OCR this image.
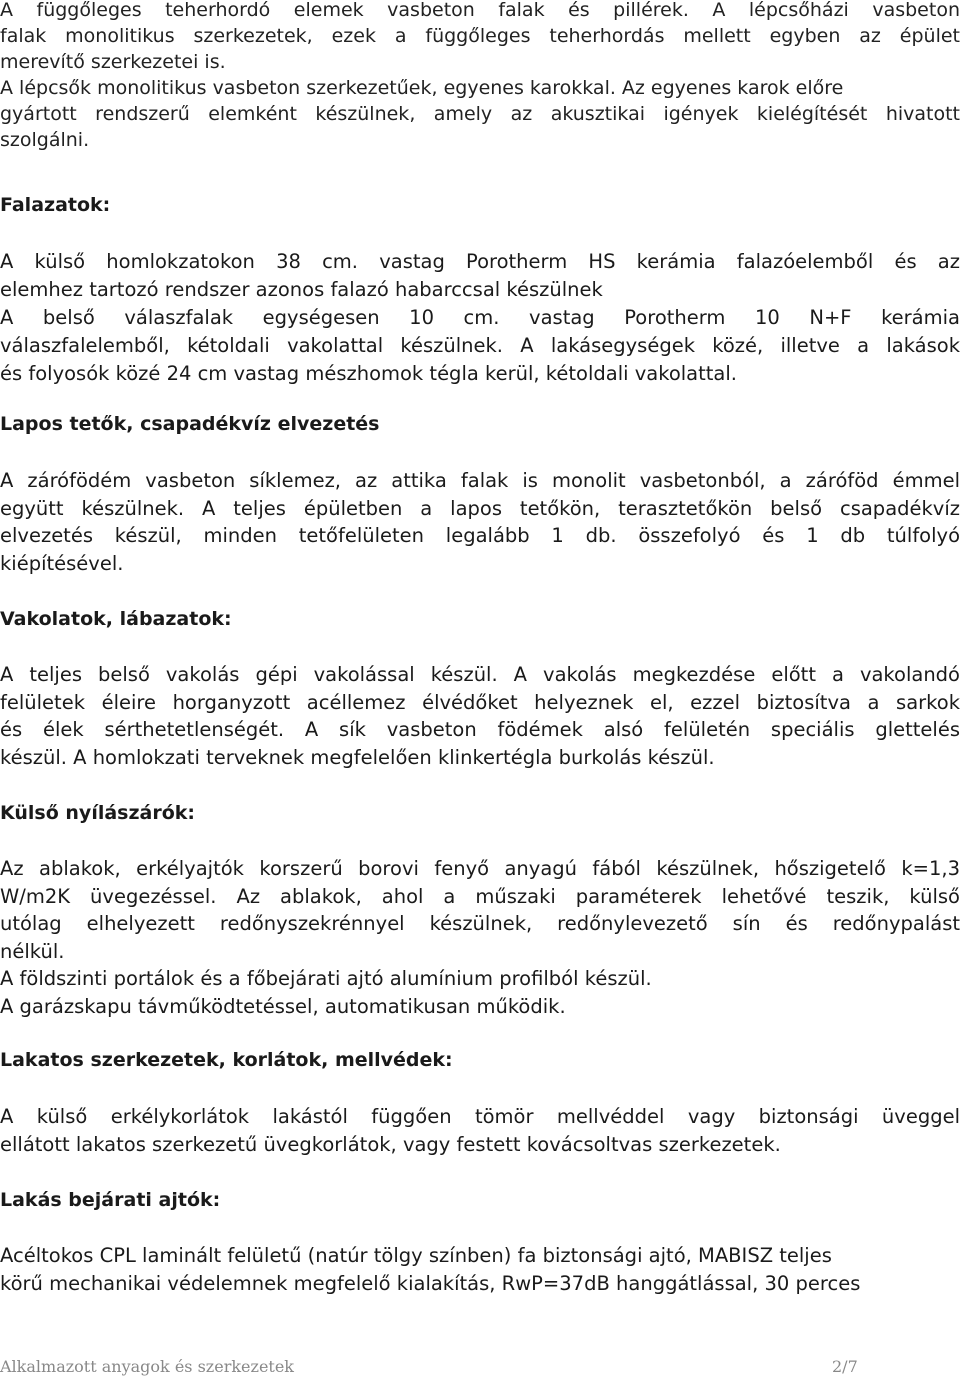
A függőleges teherhordó elemek vasbeton falak és pillérek. A lépcsőházi vasbeton
falak monolitikus szerkezetek, ezek a függőleges teherhordás mellett egyben az épület
merevítő szerkezetei is.
A lépcsők monolitikus vasbeton szerkezetűek, egyenes karokkal. Az egyenes karok előre
gyártott rendszerű elemként készülnek, amely az akusztikai igények kielégítését hivatott
szolgálni.
Falazatok:
A külső homlokzatokon 38 cm. vastag Porotherm HS kerámia falazóelemből és az
elemhez tartozó rendszer azonos falazó habarccsal készülnek
A belső válaszfalak egységesen 10 cm. vastag Porotherm 10 N+F kerámia
válaszfalelemből, kétoldali vakolattal készülnek. A lakásegységek közé, illetve a lakások
és folyosók közé 24 cm vastag mészhomok tégla kerül, kétoldali vakolattal.
Lapos tetők, csapadékvíz elvezetés
A zárófödém vasbeton síklemez, az attika falak is monolit vasbetonból, a záróföd émmel
együtt készülnek. A teljes épületben a lapos tetőkön, terasztetőkön belső csapadékvíz
elvezetés készül, minden tetőfelületen legalább 1 db. összefolyó és 1 db túlfolyó
kiépítésével.
Vakolatok, lábazatok:
A teljes belső vakolás gépi vakolással készül. A vakolás megkezdése előtt a vakolandó
felületek éleire horganyzott acéllemez élvédőket helyeznek el, ezzel biztosítva a sarkok
és élek sérthetetlenségét. A sík vasbeton födémek alsó felületén speciális glettelés
készül. A homlokzati terveknek megfelelően klinkertégla burkolás készül.
Külső nyílászárók:
Az ablakok, erkélyajtók korszerű borovi fenyő anyagú fából készülnek, hőszigetelő k=1,3
W/m2K üvegezéssel. Az ablakok, ahol a műszaki paraméterek lehetővé teszik, külső
utólag elhelyezett redőnyszekrénnyel készülnek, redőnylevezető sín és redőnypalást
nélkül.
A földszinti portálok és a főbejárati ajtó alumínium profilból készül.
A garázskapu távműködtetéssel, automatikusan működik.
Lakatos szerkezetek, korlátok, mellvédek:
A külső erkélykorlátok lakástól függően tömör mellvéddel vagy biztonsági üveggel
ellátott lakatos szerkezetű üvegkorlátok, vagy festett kovácsoltvas szerkezetek.
Lakás bejárati ajtók:
Acéltokos CPL laminált felületű (natúr tölgy színben) fa biztonsági ajtó, MABISZ teljes
körű mechanikai védelemnek megfelelő kialakítás, RwP=37dB hanggátlással, 30 perces
Alkalmazott anyagok és szerkezetek	2/7
